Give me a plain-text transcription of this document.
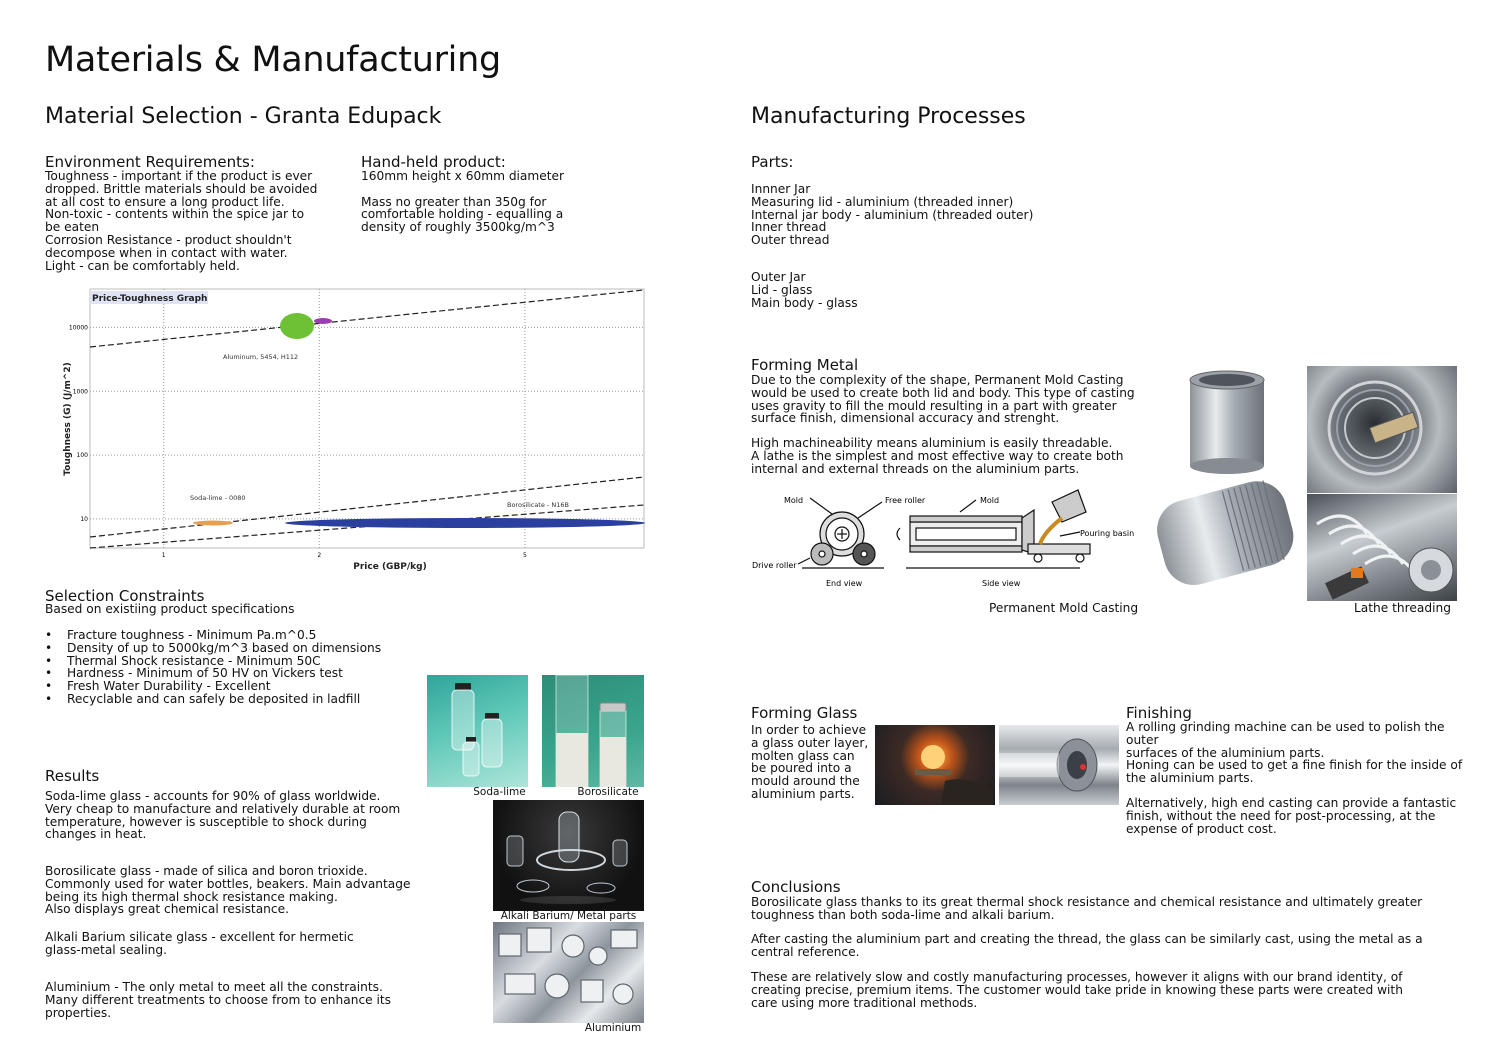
Materials & Manufacturing
Material Selection - Granta Edupack
Environment Requirements:
Toughness - important if the product is ever
dropped. Brittle materials should be avoided
at all cost to ensure a long product life.
Non-toxic - contents within the spice jar to
be eaten
Corrosion Resistance - product shouldn't
decompose when in contact with water.
Light - can be comfortably held.
Hand-held product:
160mm height x 60mm diameter

Mass no greater than 350g for
comfortable holding - equalling a
density of roughly 3500kg/m^3
10
100
1000
10000
1	2	5
Price-Toughness Graph
Aluminum, 5454, H112
Soda-lime - 0080
Borosilicate - N16B
Price (GBP/kg)
Toughness (G) (J/m^2)
Selection Constraints
Based on existiing product specifications
• Fracture toughness - Minimum Pa.m^0.5
• Density of up to 5000kg/m^3 based on dimensions
• Thermal Shock resistance - Minimum 50C
• Hardness - Minimum of 50 HV on Vickers test
• Fresh Water Durability - Excellent
• Recyclable and can safely be deposited in ladfill
Results
Soda-lime glass - accounts for 90% of glass worldwide.
Very cheap to manufacture and relatively durable at room
temperature, however is susceptible to shock during
changes in heat.
Borosilicate glass - made of silica and boron trioxide.
Commonly used for water bottles, beakers. Main advantage
being its high thermal shock resistance making.
Also displays great chemical resistance.
Alkali Barium silicate glass - excellent for hermetic
glass-metal sealing.
Aluminium - The only metal to meet all the constraints.
Many different treatments to choose from to enhance its
properties.
Soda-lime	Borosilicate
Alkali Barium/ Metal parts
Aluminium
Manufacturing Processes
Parts:
Innner Jar
Measuring lid - aluminium (threaded inner)
Internal jar body - aluminium (threaded outer)
Inner thread
Outer thread
Outer Jar
Lid - glass
Main body - glass
Forming Metal
Due to the complexity of the shape, Permanent Mold Casting
would be used to create both lid and body. This type of casting
uses gravity to fill the mould resulting in a part with greater
surface finish, dimensional accuracy and strenght.
High machineability means aluminium is easily threadable.
A lathe is the simplest and most effective way to create both
internal and external threads on the aluminium parts.
Mold	Free roller	Mold
Pouring basin
Drive roller
End view	Side view
Permanent Mold Casting	Lathe threading
Forming Glass
In order to achieve
a glass outer layer,
molten glass can
be poured into a
mould around the
aluminium parts.
Finishing
A rolling grinding machine can be used to polish the outer
surfaces of the aluminium parts.
Honing can be used to get a fine finish for the inside of
the aluminium parts.
Alternatively, high end casting can provide a fantastic
finish, without the need for post-processing, at the
expense of product cost.
Conclusions
Borosilicate glass thanks to its great thermal shock resistance and chemical resistance and ultimately greater
toughness than both soda-lime and alkali barium.
After casting the aluminium part and creating the thread, the glass can be similarly cast, using the metal as a
central reference.
These are relatively slow and costly manufacturing processes, however it aligns with our brand identity, of
creating precise, premium items. The customer would take pride in knowing these parts were created with
care using more traditional methods.
